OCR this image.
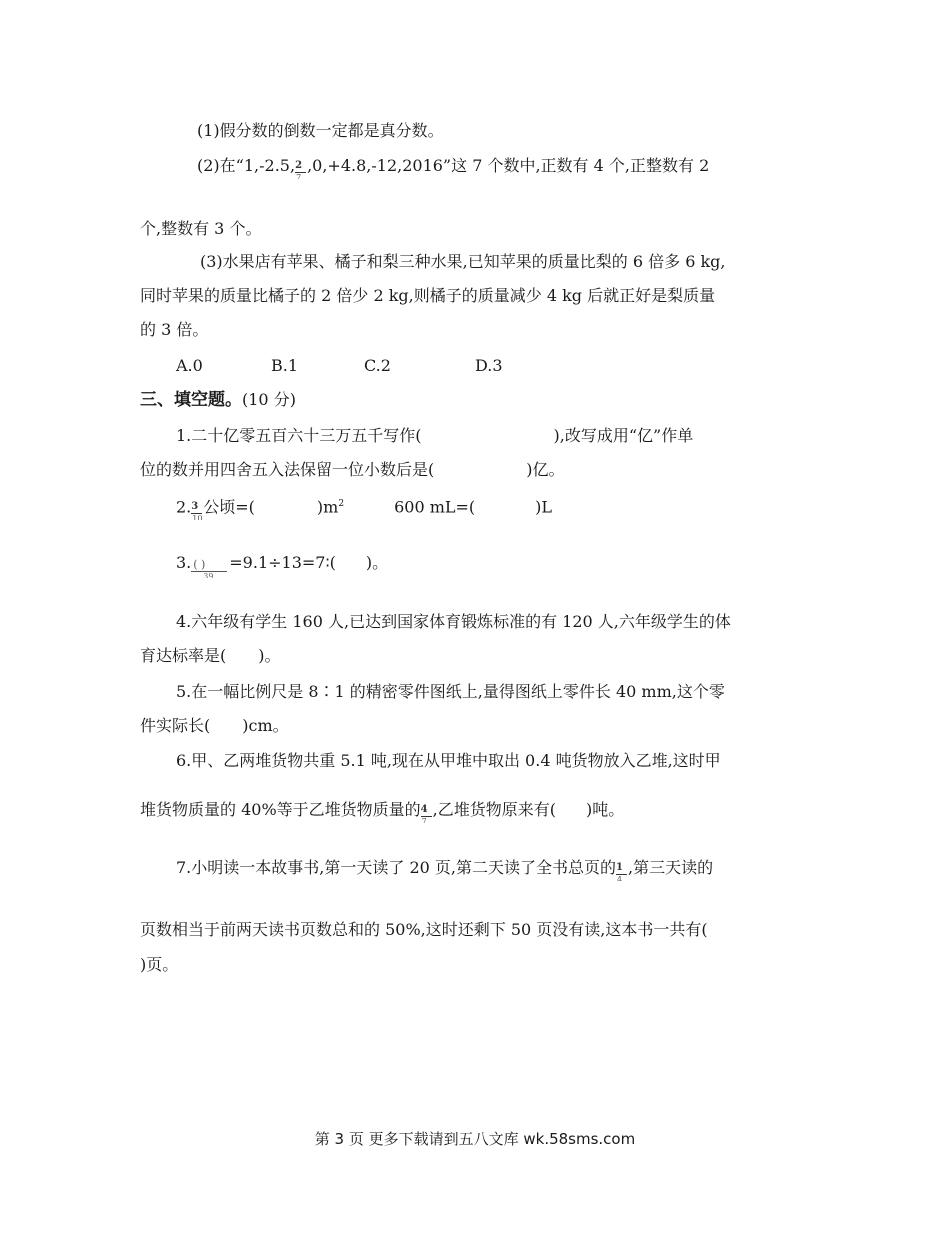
(1)假分数的倒数一定都是真分数。
(2)在“1,-2.5, $\frac{2}{7} ,0,+4.8,-12,2016$”这 7 个数中,正数有 4 个,正整数有 2
个,整数有 3 个。
(3)水果店有苹果、橘子和梨三种水果,已知苹果的质量比梨的 6 倍多 6 kg,
同时苹果的质量比橘子的 2 倍少 2 kg,则橘子的质量减少 4 kg 后就正好是梨质量
的 3 倍。
A.0	B.1	C.2	D.3
三、填空题。(10 分)
1.二十亿零五百六十三万五千写作(	),改写成用“亿”作单
位的数并用四舍五入法保留一位小数后是(	)亿。
2. $\frac{3}{10}$ 公顷=(	)$m^2$	600 mL=(	)L
3. ( )
39
=9.1÷13=7∶( )。
4.六年级有学生 160 人,已达到国家体育锻炼标准的有 120 人,六年级学生的体
育达标率是( )。
5.在一幅比例尺是 8∶1 的精密零件图纸上,量得图纸上零件长 40 mm,这个零
件实际长( )cm。
6.甲、乙两堆货物共重 5.1 吨,现在从甲堆中取出 0.4 吨货物放入乙堆,这时甲
堆货物质量的 40%等于乙堆货物质量的 $\frac{4}{7}$ ,乙堆货物原来有( )吨。
7.小明读一本故事书,第一天读了 20 页,第二天读了全书总页的 $\frac{1}{4}$ ,第三天读的
页数相当于前两天读书页数总和的 50%,这时还剩下 50 页没有读,这本书一共有(
)页。
第 3 页 更多下载请到五八文库 wk.58sms.com
